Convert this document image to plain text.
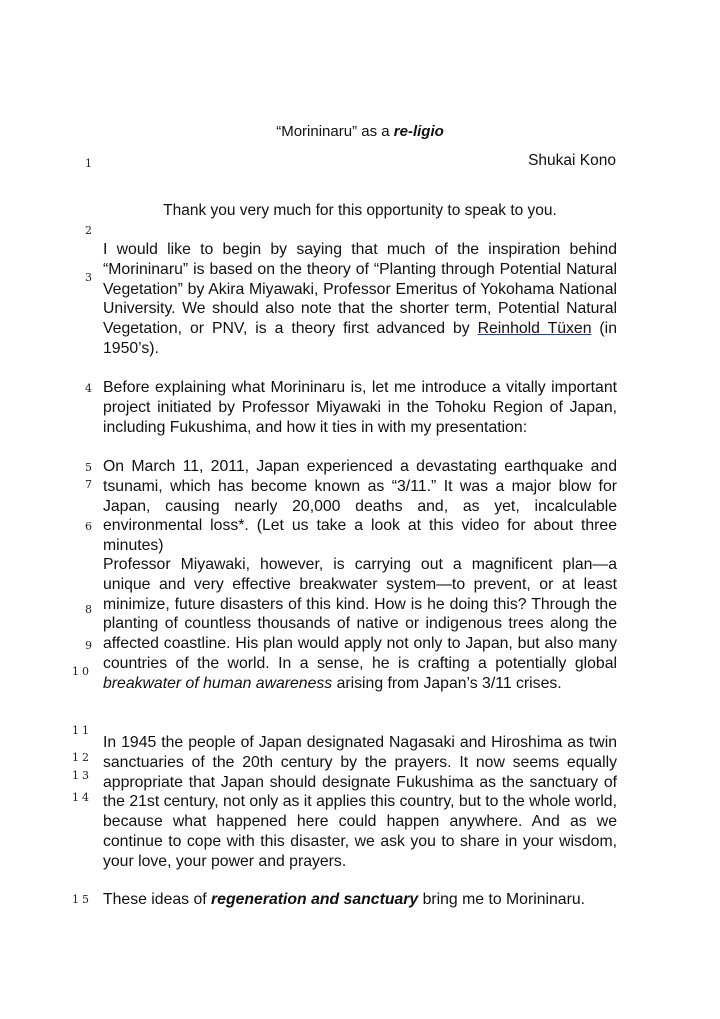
“Morininaru” as a re-ligio
Shukai Kono
Thank you very much for this opportunity to speak to you.
1
2
3
4
5
7
6
8
9
10
11
12
13
14
15
I would like to begin by saying that much of the inspiration behind “Morininaru” is based on the theory of “Planting through Potential Natural Vegetation” by Akira Miyawaki, Professor Emeritus of Yokohama National University. We should also note that the shorter term, Potential Natural Vegetation, or PNV, is a theory first advanced by Reinhold Tüxen (in 1950’s).
Before explaining what Morininaru is, let me introduce a vitally important project initiated by Professor Miyawaki in the Tohoku Region of Japan, including Fukushima, and how it ties in with my presentation:
On March 11, 2011, Japan experienced a devastating earthquake and tsunami, which has become known as “3/11.” It was a major blow for Japan, causing nearly 20,000 deaths and, as yet, incalculable environmental loss*. (Let us take a look at this video for about three minutes)
Professor Miyawaki, however, is carrying out a magnificent plan—a unique and very effective breakwater system—to prevent, or at least minimize, future disasters of this kind. How is he doing this? Through the planting of countless thousands of native or indigenous trees along the affected coastline. His plan would apply not only to Japan, but also many countries of the world. In a sense, he is crafting a potentially global breakwater of human awareness arising from Japan’s 3/11 crises.
In 1945 the people of Japan designated Nagasaki and Hiroshima as twin sanctuaries of the 20th century by the prayers. It now seems equally appropriate that Japan should designate Fukushima as the sanctuary of the 21st century, not only as it applies this country, but to the whole world, because what happened here could happen anywhere. And as we continue to cope with this disaster, we ask you to share in your wisdom, your love, your power and prayers.
These ideas of regeneration and sanctuary bring me to Morininaru.
